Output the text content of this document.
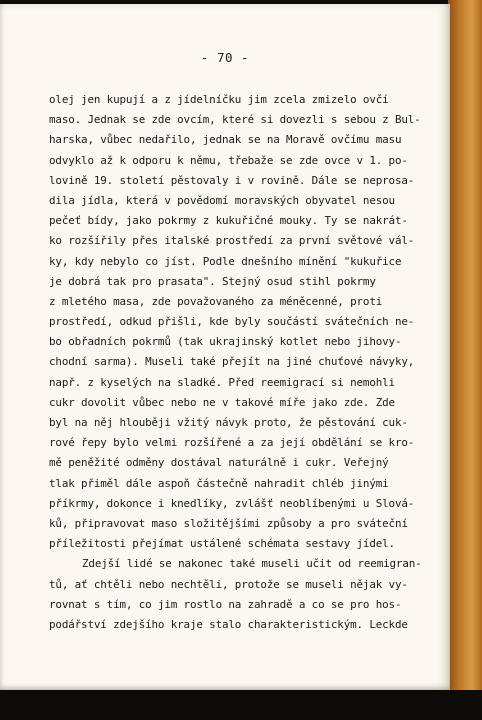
- 70 -

olej jen kupují a z jídelníčku jim zcela zmizelo ovčí

maso. Jednak se zde ovcím, které si dovezli s sebou z Bul-

harska, vůbec nedařilo, jednak se na Moravě ovčímu masu

odvyklo až k odporu k němu, třebaže se zde ovce v 1. po-

lovině 19. století pěstovaly i v rovině. Dále se neprosa-

dila jídla, která v povědomí moravských obyvatel nesou

pečeť bídy, jako pokrmy z kukuřičné mouky. Ty se nakrát-

ko rozšířily přes italské prostředí za první světové vál-

ky, kdy nebylo co jíst. Podle dnešního mínění "kukuřice

je dobrá tak pro prasata". Stejný osud stihl pokrmy

z mletého masa, zde považovaného za méněcenné, proti

prostředí, odkud přišli, kde byly součástí svátečních ne-

bo obřadních pokrmů (tak ukrajinský kotlet nebo jihovy-

chodní sarma). Museli také přejít na jiné chuťové návyky,

např. z kyselých na sladké. Před reemigrací si nemohli

cukr dovolit vůbec nebo ne v takové míře jako zde. Zde

byl na něj hlouběji vžitý návyk proto, že pěstování cuk-

rové řepy bylo velmi rozšířené a za její obdělání se kro-

mě peněžité odměny dostával naturálně i cukr. Veřejný

tlak přiměl dále aspoň částečně nahradit chléb jinými

příkrmy, dokonce i knedlíky, zvlášť neoblíbenými u Slová-

ků, připravovat maso složitějšími způsoby a pro sváteční

příležitosti přejímat ustálené schémata sestavy jídel.

Zdejší lidé se nakonec také museli učit od reemigran-

tů, ať chtěli nebo nechtěli, protože se museli nějak vy-

rovnat s tím, co jim rostlo na zahradě a co se pro hos-

podářství zdejšího kraje stalo charakteristickým. Leckde
